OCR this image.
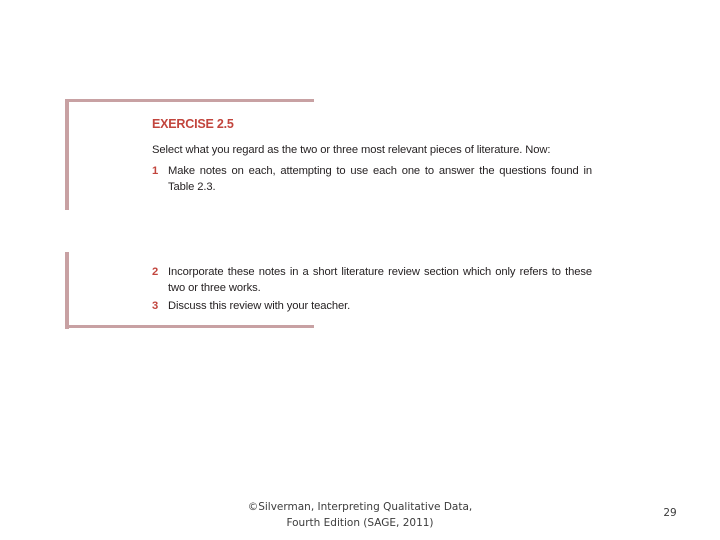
EXERCISE 2.5
Select what you regard as the two or three most relevant pieces of literature. Now:
1 Make notes on each, attempting to use each one to answer the questions found in Table 2.3.
2 Incorporate these notes in a short literature review section which only refers to these two or three works.
3 Discuss this review with your teacher.
©Silverman, Interpreting Qualitative Data,
Fourth Edition (SAGE, 2011)
29
